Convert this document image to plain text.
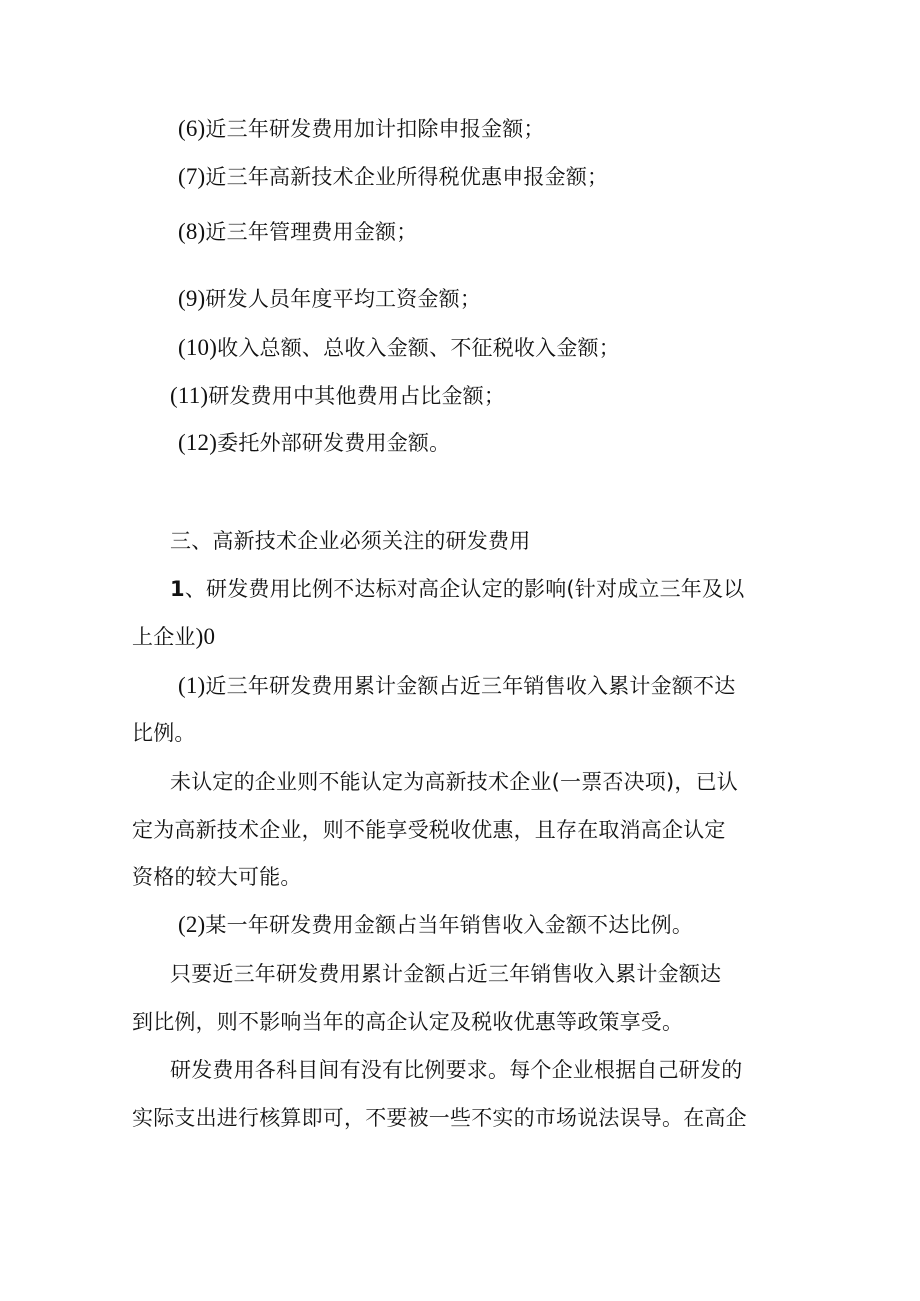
(6)近三年研发费用加计扣除申报金额；
(7)近三年高新技术企业所得税优惠申报金额；
(8)近三年管理费用金额；
(9)研发人员年度平均工资金额；
(10)收入总额、总收入金额、不征税收入金额；
(11)研发费用中其他费用占比金额；
(12)委托外部研发费用金额。
三、高新技术企业必须关注的研发费用
1、研发费用比例不达标对高企认定的影响(针对成立三年及以
上企业)0
(1)近三年研发费用累计金额占近三年销售收入累计金额不达
比例。
未认定的企业则不能认定为高新技术企业(一票否决项)，已认
定为高新技术企业，则不能享受税收优惠，且存在取消高企认定
资格的较大可能。
(2)某一年研发费用金额占当年销售收入金额不达比例。
只要近三年研发费用累计金额占近三年销售收入累计金额达
到比例，则不影响当年的高企认定及税收优惠等政策享受。
研发费用各科目间有没有比例要求。每个企业根据自己研发的
实际支出进行核算即可，不要被一些不实的市场说法误导。在高企
